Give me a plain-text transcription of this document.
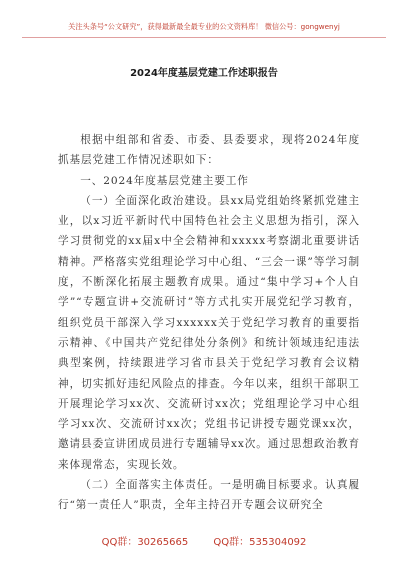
关注头条号“公文研究”，获得最新最全最专业的公文资料库！ 微信公号：gongwenyj
2024年度基层党建工作述职报告

根据中组部和省委、市委、县委要求，现将2024年度抓基层党建工作情况述职如下：

一、2024年度基层党建主要工作

（一）全面深化政治建设。县xx局党组始终紧抓党建主业，以x习近平新时代中国特色社会主义思想为指引，深入学习贯彻党的xx届x中全会精神和xxxxx考察湖北重要讲话精神。严格落实党组理论学习中心组、“三会一课”等学习制度，不断深化拓展主题教育成果。通过“集中学习+个人自学”“专题宣讲+交流研讨”等方式扎实开展党纪学习教育，组织党员干部深入学习xxxxxx关于党纪学习教育的重要指示精神、《中国共产党纪律处分条例》和统计领域违纪违法典型案例，持续跟进学习省市县关于党纪学习教育会议精神，切实抓好违纪风险点的排查。今年以来，组织干部职工开展理论学习xx次、交流研讨xx次；党组理论学习中心组学习xx次、交流研讨xx次；党组书记讲授专题党课xx次，邀请县委宣讲团成员进行专题辅导xx次。通过思想政治教育来体现常态，实现长效。

（二）全面落实主体责任。一是明确目标要求。认真履行“第一责任人”职责，全年主持召开专题会议研究全

QQ群：30265665	QQ群：535304092
